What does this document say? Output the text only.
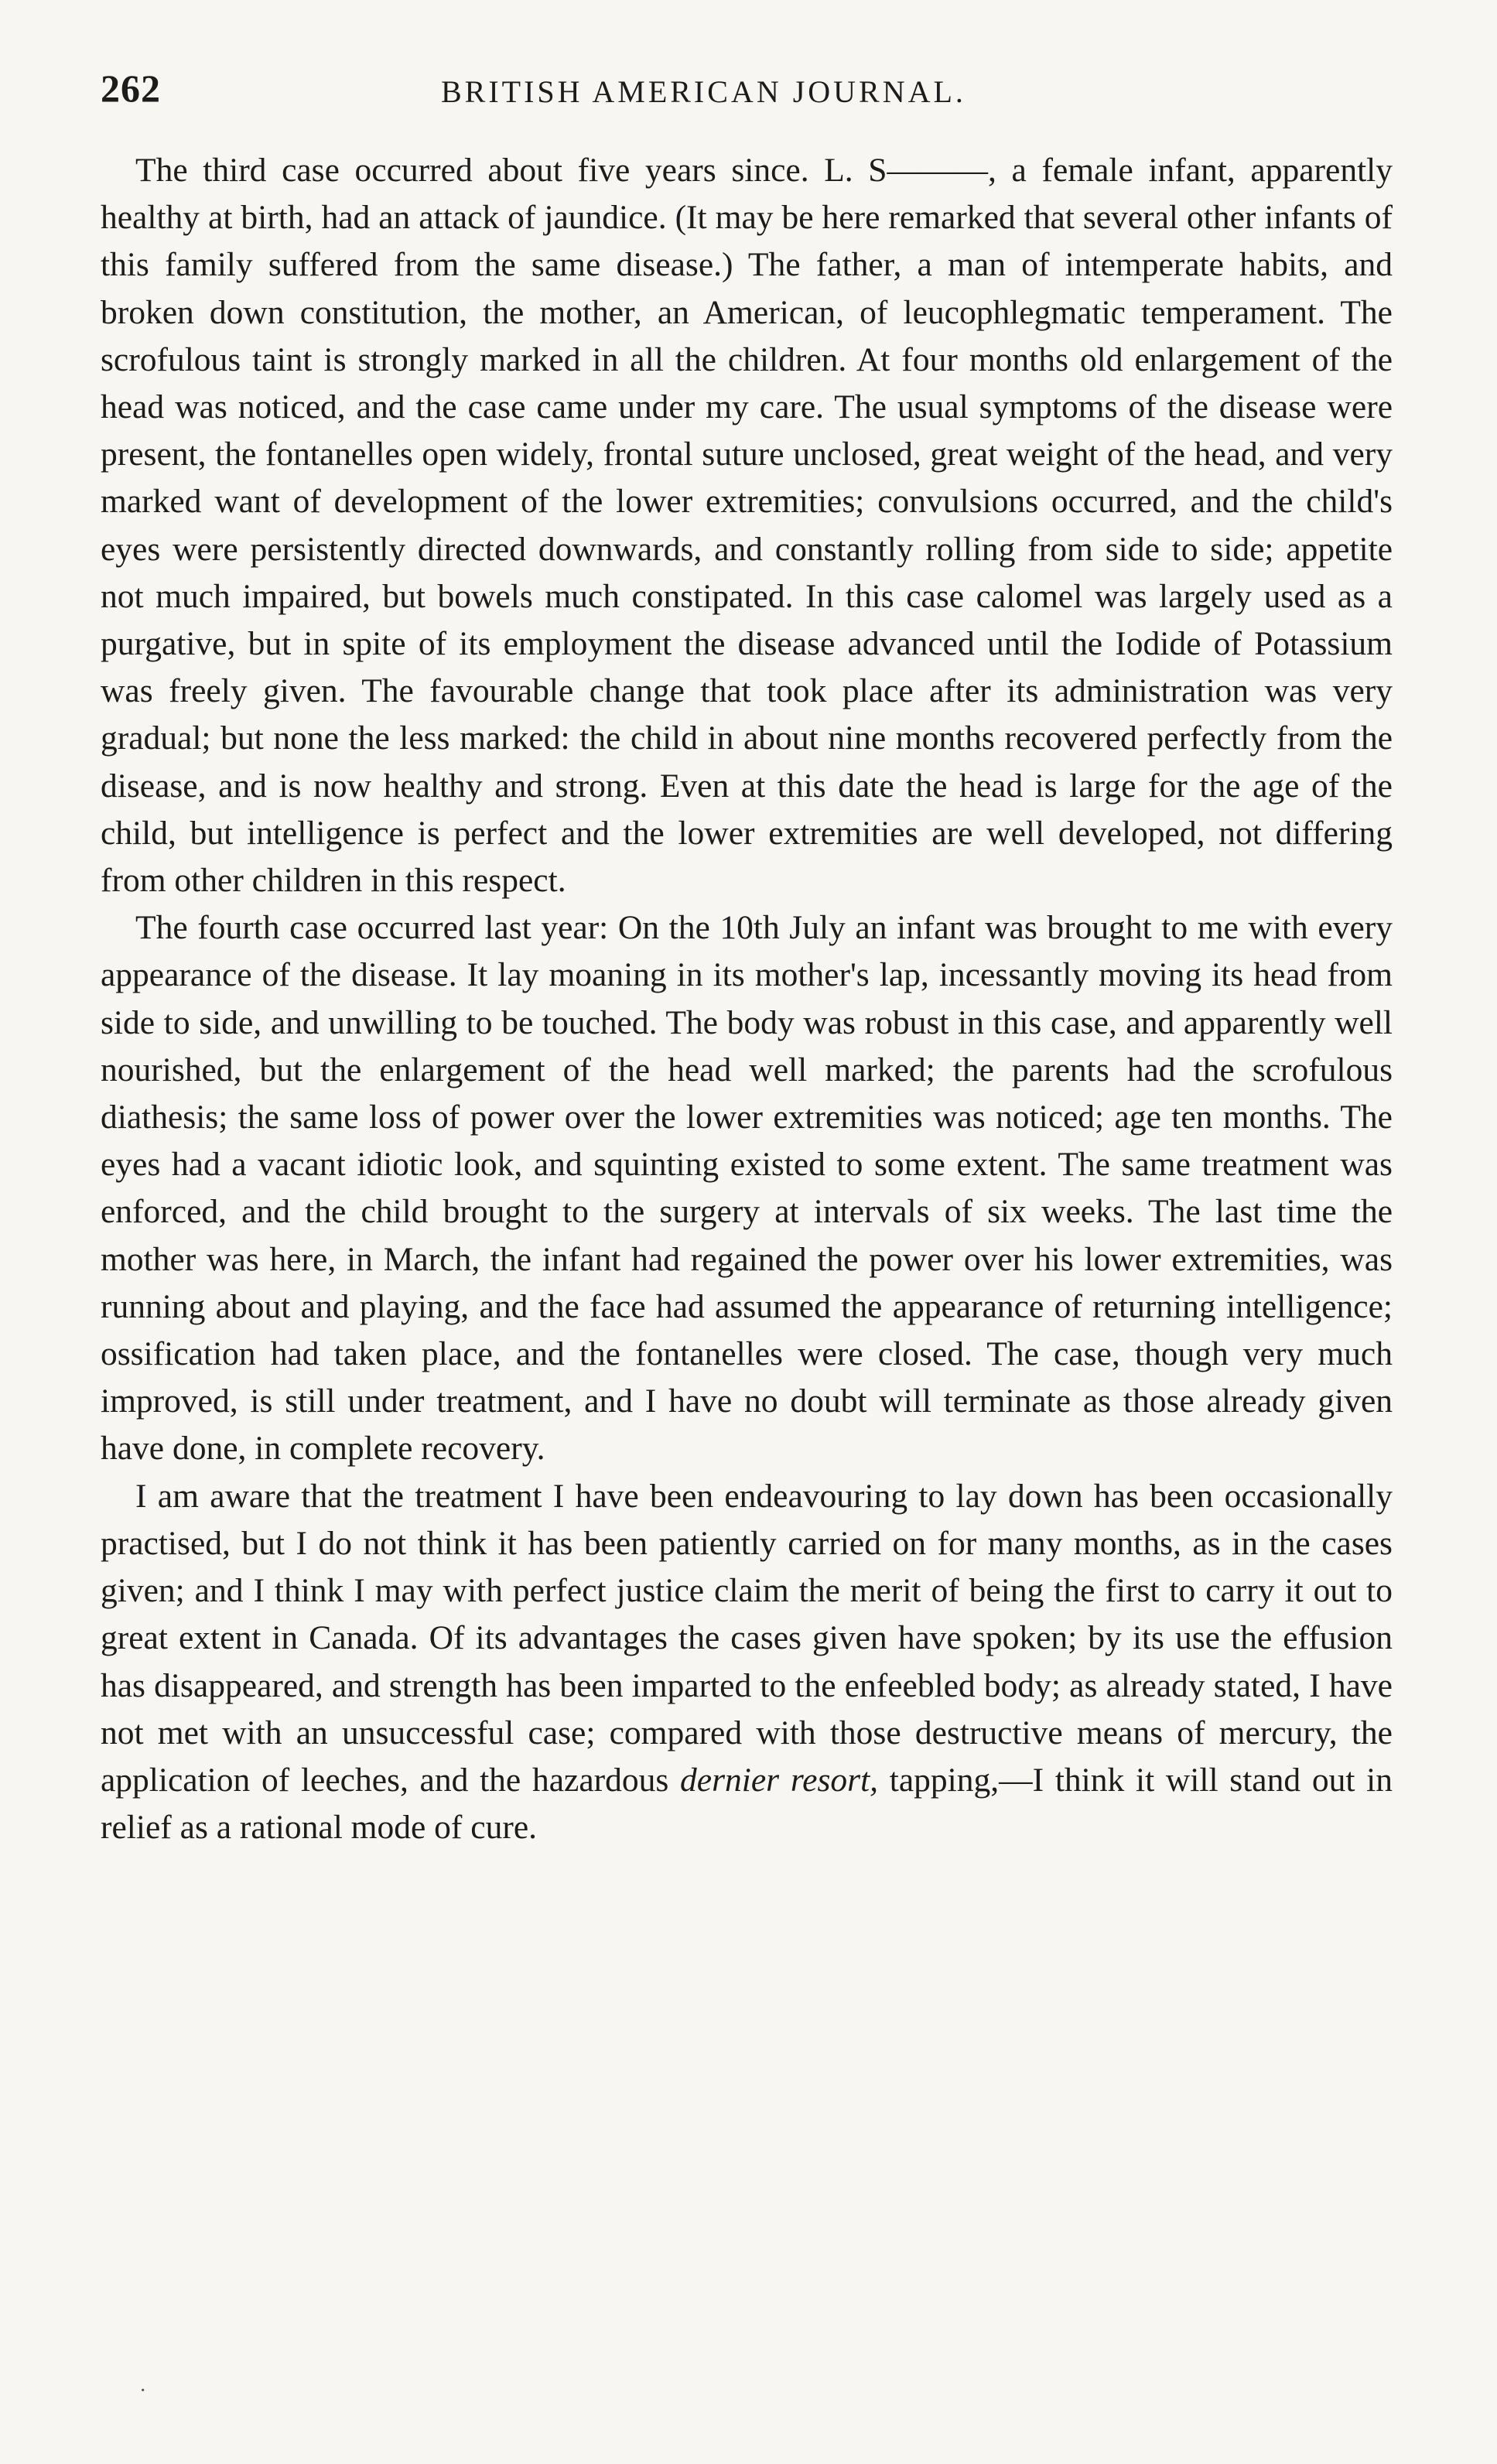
262	BRITISH AMERICAN JOURNAL.

The third case occurred about five years since. L. S———, a female infant, apparently healthy at birth, had an attack of jaundice. (It may be here remarked that several other infants of this family suffered from the same disease.) The father, a man of intemperate habits, and broken down constitution, the mother, an American, of leucophlegmatic temperament. The scrofulous taint is strongly marked in all the children. At four months old enlargement of the head was noticed, and the case came under my care. The usual symptoms of the disease were present, the fontanelles open widely, frontal suture unclosed, great weight of the head, and very marked want of development of the lower extremities; convulsions occurred, and the child's eyes were persistently directed downwards, and constantly rolling from side to side; appetite not much impaired, but bowels much constipated. In this case calomel was largely used as a purgative, but in spite of its employment the disease advanced until the Iodide of Potassium was freely given. The favourable change that took place after its administration was very gradual; but none the less marked: the child in about nine months recovered perfectly from the disease, and is now healthy and strong. Even at this date the head is large for the age of the child, but intelligence is perfect and the lower extremities are well developed, not differing from other children in this respect.

The fourth case occurred last year: On the 10th July an infant was brought to me with every appearance of the disease. It lay moaning in its mother's lap, incessantly moving its head from side to side, and unwilling to be touched. The body was robust in this case, and apparently well nourished, but the enlargement of the head well marked; the parents had the scrofulous diathesis; the same loss of power over the lower extremities was noticed; age ten months. The eyes had a vacant idiotic look, and squinting existed to some extent. The same treatment was enforced, and the child brought to the surgery at intervals of six weeks. The last time the mother was here, in March, the infant had regained the power over his lower extremities, was running about and playing, and the face had assumed the appearance of returning intelligence; ossification had taken place, and the fontanelles were closed. The case, though very much improved, is still under treatment, and I have no doubt will terminate as those already given have done, in complete recovery.

I am aware that the treatment I have been endeavouring to lay down has been occasionally practised, but I do not think it has been patiently carried on for many months, as in the cases given; and I think I may with perfect justice claim the merit of being the first to carry it out to great extent in Canada. Of its advantages the cases given have spoken; by its use the effusion has disappeared, and strength has been imparted to the enfeebled body; as already stated, I have not met with an unsuccessful case; compared with those destructive means of mercury, the application of leeches, and the hazardous dernier resort, tapping,—I think it will stand out in relief as a rational mode of cure.

·
